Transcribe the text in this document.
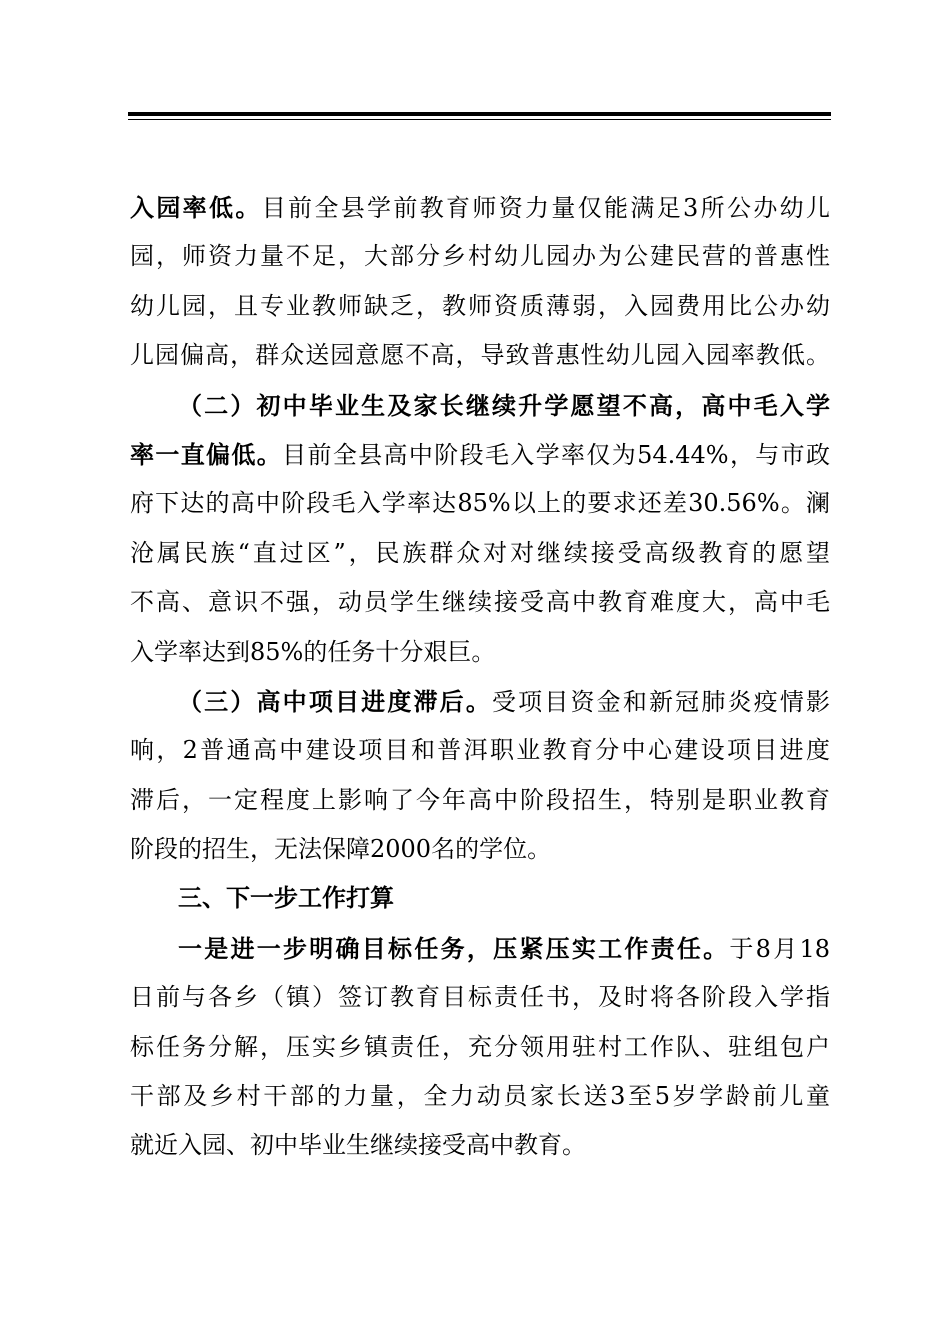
入园率低。目前全县学前教育师资力量仅能满足3所公办幼儿
园，师资力量不足，大部分乡村幼儿园办为公建民营的普惠性
幼儿园，且专业教师缺乏，教师资质薄弱，入园费用比公办幼
儿园偏高，群众送园意愿不高，导致普惠性幼儿园入园率教低。
（二）初中毕业生及家长继续升学愿望不高，高中毛入学
率一直偏低。目前全县高中阶段毛入学率仅为54.44%，与市政
府下达的高中阶段毛入学率达85%以上的要求还差30.56%。澜
沧属民族“直过区”，民族群众对对继续接受高级教育的愿望
不高、意识不强，动员学生继续接受高中教育难度大，高中毛
入学率达到85%的任务十分艰巨。
（三）高中项目进度滞后。受项目资金和新冠肺炎疫情影
响，2普通高中建设项目和普洱职业教育分中心建设项目进度
滞后，一定程度上影响了今年高中阶段招生，特别是职业教育
阶段的招生，无法保障2000名的学位。
三、下一步工作打算
一是进一步明确目标任务，压紧压实工作责任。于8月18
日前与各乡（镇）签订教育目标责任书，及时将各阶段入学指
标任务分解，压实乡镇责任，充分领用驻村工作队、驻组包户
干部及乡村干部的力量，全力动员家长送3至5岁学龄前儿童
就近入园、初中毕业生继续接受高中教育。
